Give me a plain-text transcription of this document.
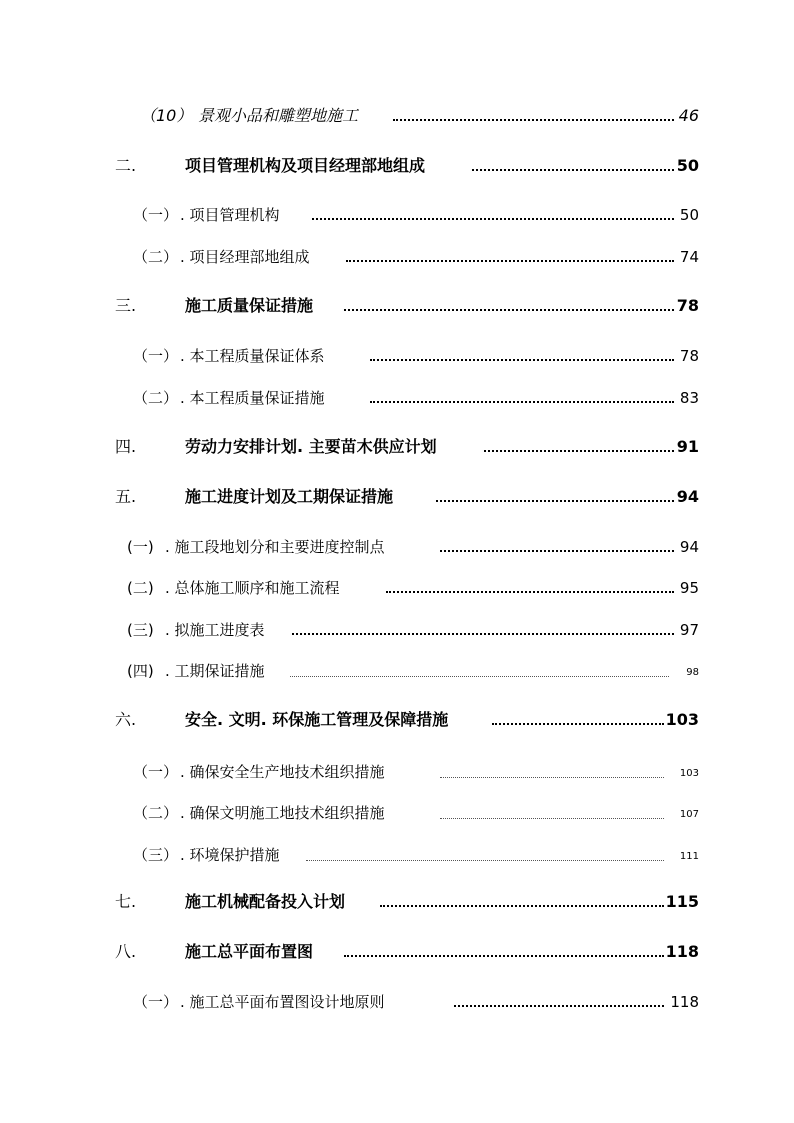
（10） 景观小品和雕塑地施工	46
二.	项目管理机构及项目经理部地组成	50
（一） . 项目管理机构	50
（二） . 项目经理部地组成	74
三.	施工质量保证措施	78
（一） . 本工程质量保证体系	78
（二） . 本工程质量保证措施	83
四.	劳动力安排计划. 主要苗木供应计划	91
五.	施工进度计划及工期保证措施	94
(一) . 施工段地划分和主要进度控制点	94
(二) . 总体施工顺序和施工流程	95
(三) . 拟施工进度表	97
(四) . 工期保证措施	98
六.	安全. 文明. 环保施工管理及保障措施	103
（一） . 确保安全生产地技术组织措施	103
（二） . 确保文明施工地技术组织措施	107
（三） . 环境保护措施	111
七.	施工机械配备投入计划	115
八.	施工总平面布置图	118
（一） . 施工总平面布置图设计地原则	118
